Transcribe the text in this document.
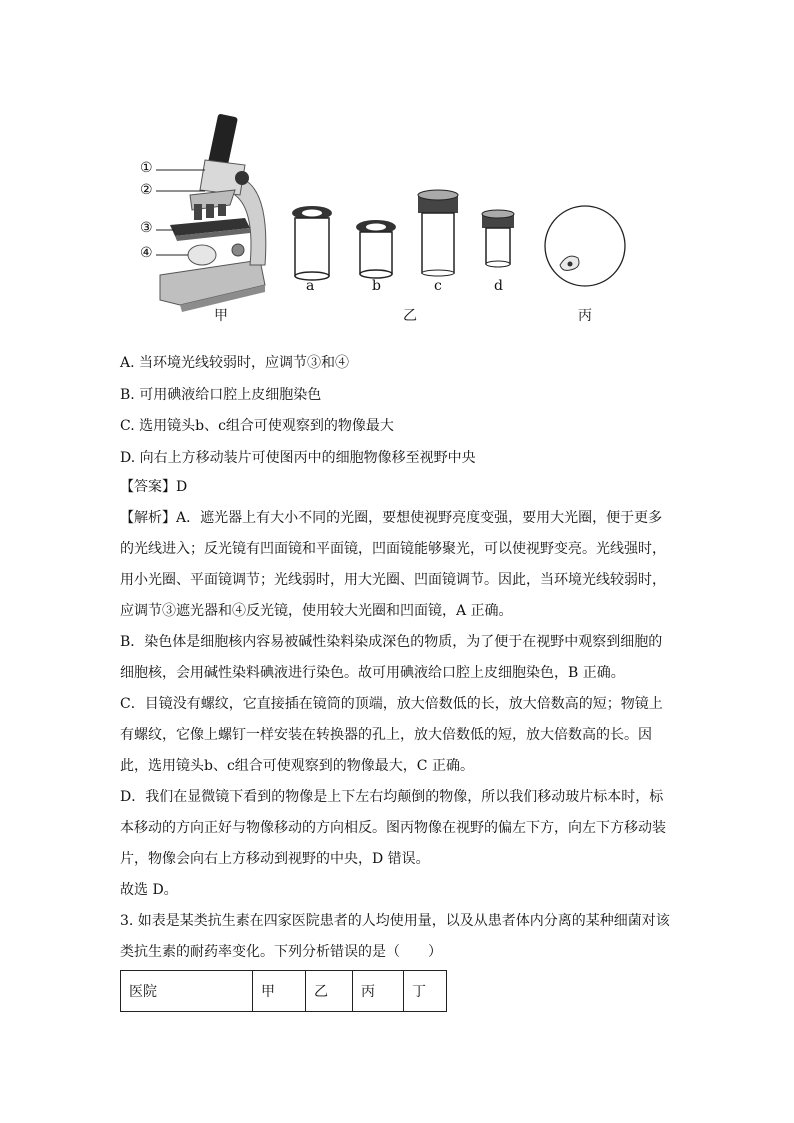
①
②
③
④
a	b	c	d
甲	乙	丙
A. 当环境光线较弱时，应调节③和④
B. 可用碘液给口腔上皮细胞染色
C. 选用镜头b、c组合可使观察到的物像最大
D. 向右上方移动装片可使图丙中的细胞物像移至视野中央
【答案】D
【解析】A．遮光器上有大小不同的光圈，要想使视野亮度变强，要用大光圈，便于更多
的光线进入；反光镜有凹面镜和平面镜，凹面镜能够聚光，可以使视野变亮。光线强时，
用小光圈、平面镜调节；光线弱时，用大光圈、凹面镜调节。因此，当环境光线较弱时，
应调节③遮光器和④反光镜，使用较大光圈和凹面镜，A 正确。
B．染色体是细胞核内容易被碱性染料染成深色的物质，为了便于在视野中观察到细胞的
细胞核，会用碱性染料碘液进行染色。故可用碘液给口腔上皮细胞染色，B 正确。
C．目镜没有螺纹，它直接插在镜筒的顶端，放大倍数低的长，放大倍数高的短；物镜上
有螺纹，它像上螺钉一样安装在转换器的孔上，放大倍数低的短，放大倍数高的长。因
此，选用镜头b、c组合可使观察到的物像最大，C 正确。
D．我们在显微镜下看到的物像是上下左右均颠倒的物像，所以我们移动玻片标本时，标
本移动的方向正好与物像移动的方向相反。图丙物像在视野的偏左下方，向左下方移动装
片，物像会向右上方移动到视野的中央，D 错误。
故选 D。
3. 如表是某类抗生素在四家医院患者的人均使用量，以及从患者体内分离的某种细菌对该
类抗生素的耐药率变化。下列分析错误的是（　　）
医院	甲	乙	丙	丁
